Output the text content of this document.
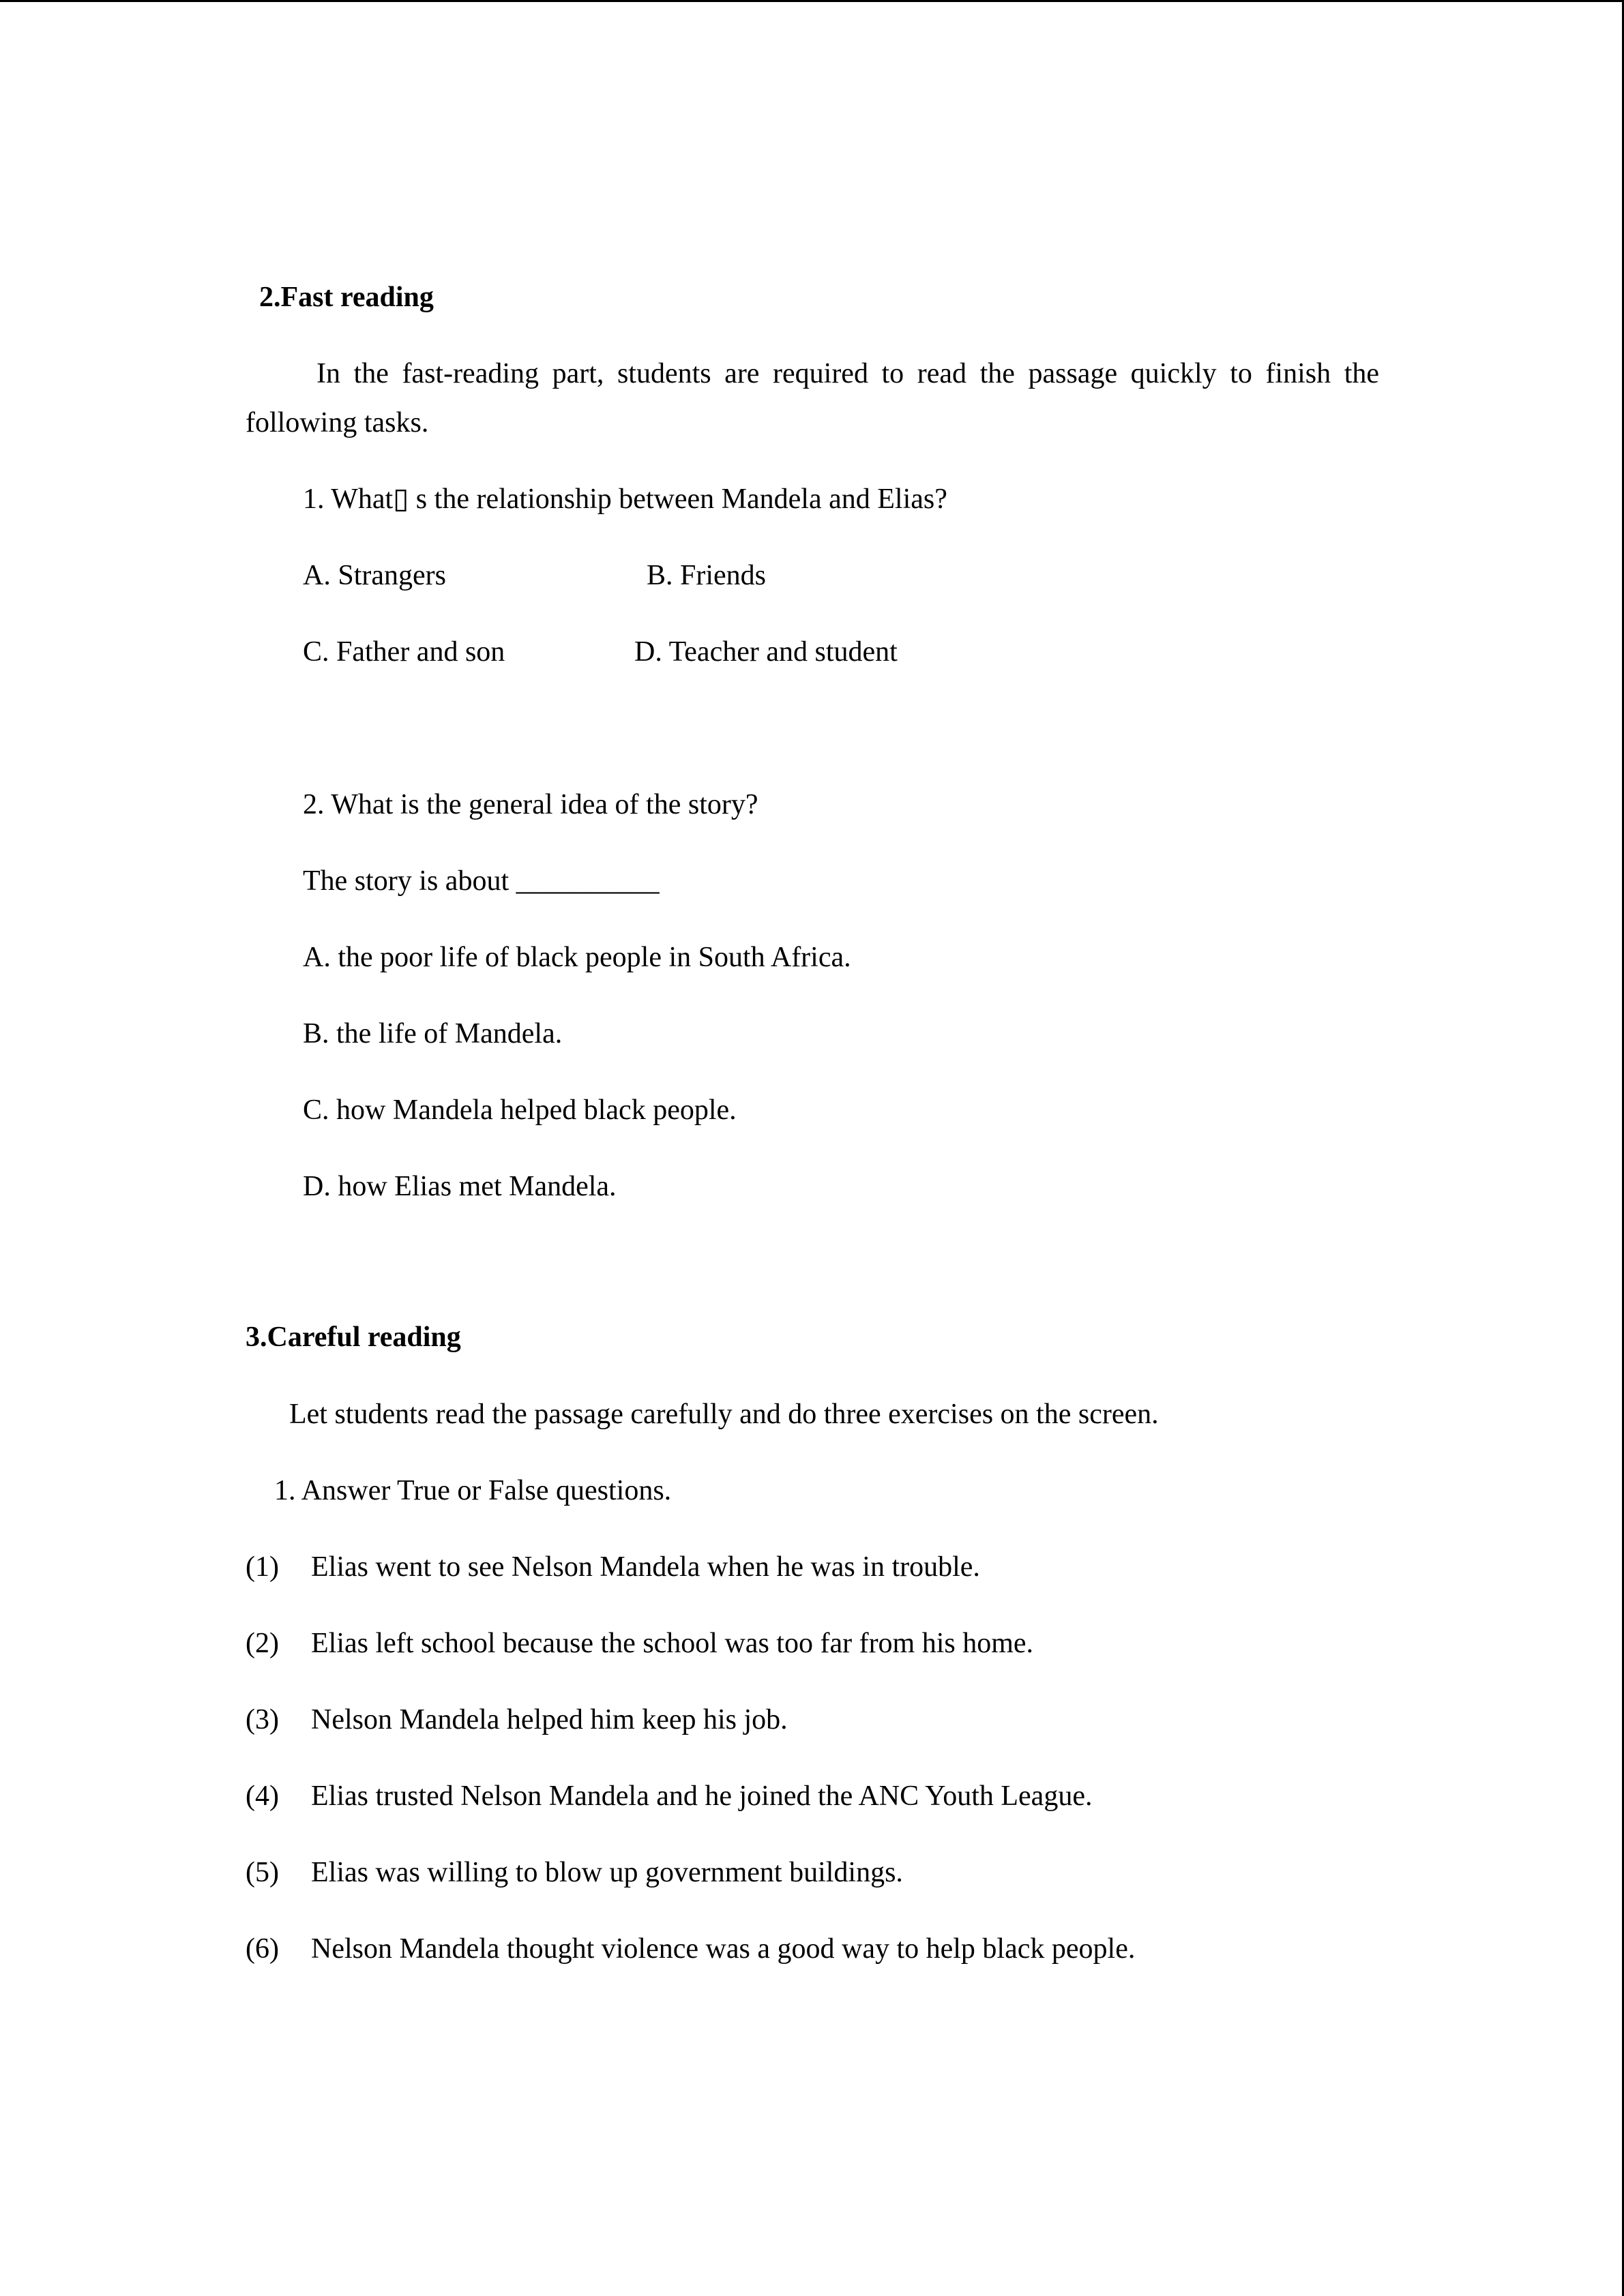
2.Fast reading
In the fast-reading part, students are required to read the passage quickly to finish the
following tasks.
1. What▯ s the relationship between Mandela and Elias?
A. Strangers	B. Friends
C. Father and son	D. Teacher and student
2. What is the general idea of the story?
The story is about __________
A. the poor life of black people in South Africa.
B. the life of Mandela.
C. how Mandela helped black people.
D. how Elias met Mandela.
3.Careful reading
Let students read the passage carefully and do three exercises on the screen.
1. Answer True or False questions.
(1) Elias went to see Nelson Mandela when he was in trouble.
(2) Elias left school because the school was too far from his home.
(3) Nelson Mandela helped him keep his job.
(4) Elias trusted Nelson Mandela and he joined the ANC Youth League.
(5) Elias was willing to blow up government buildings.
(6) Nelson Mandela thought violence was a good way to help black people.
